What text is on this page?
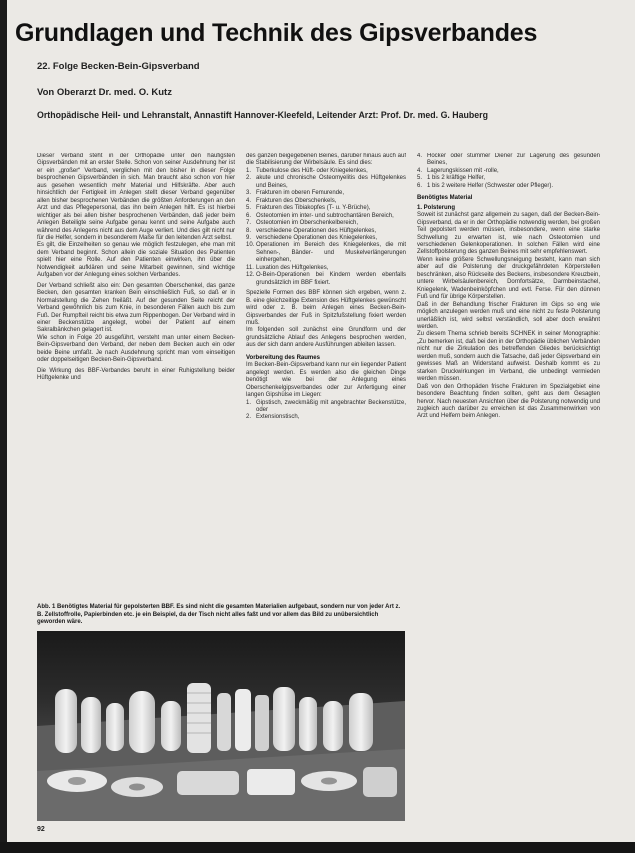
Grundlagen und Technik des Gipsverbandes
22. Folge Becken-Bein-Gipsverband
Von Oberarzt Dr. med. O. Kutz
Orthopädische Heil- und Lehranstalt, Annastift Hannover-Kleefeld, Leitender Arzt: Prof. Dr. med. G. Hauberg

Dieser Verband steht in der Orthopädie unter den häufigsten Gipsverbänden mit an erster Stelle. Schon von seiner Ausdehnung her ist er ein „großer“ Verband, verglichen mit den bisher in dieser Folge besprochenen Gipsverbänden in sich. Man braucht also schon von hier aus gesehen wesentlich mehr Material und Hilfskräfte. Aber auch hinsichtlich der Fertigkeit im Anlegen stellt dieser Verband gegenüber allen bisher besprochenen Verbänden die größten Anforderungen an den Arzt und das Pflegepersonal, das ihn beim Anlegen hilft. Es ist hierbei wichtiger als bei allen bisher besprochenen Verbänden, daß jeder beim Anlegen Beteiligte seine Aufgabe genau kennt und seine Aufgabe auch während des Anlegens nicht aus dem Auge verliert. Und dies gilt nicht nur für die Helfer, sondern in besonderem Maße für den leitenden Arzt selbst.

Es gilt, die Einzelheiten so genau wie möglich festzulegen, ehe man mit dem Verband beginnt. Schon allein die soziale Situation des Patienten spielt hier eine Rolle. Auf den Patienten einwirken, ihn über die Notwendigkeit aufklären und seine Mitarbeit gewinnen, sind wichtige Aufgaben vor der Anlegung eines solchen Verbandes.

Der Verband schließt also ein: Den gesamten Oberschenkel, das ganze Becken, den gesamten kranken Bein einschließlich Fuß, so daß er in Normalstellung die Zehen freiläßt. Auf der gesunden Seite reicht der Verband gewöhnlich bis zum Knie, in besonderen Fällen auch bis zum Fuß. Der Rumpfteil reicht bis etwa zum Rippenbogen. Der Verband wird in einer Beckenstütze angelegt, wobei der Patient auf einem Sakralbänkchen gelagert ist.

Wie schon in Folge 20 ausgeführt, versteht man unter einem Becken-Bein-Gipsverband den Verband, der neben dem Becken auch ein oder beide Beine umfaßt. Je nach Ausdehnung spricht man vom einseitigen oder doppelseitigen Becken-Bein-Gipsverband.

Die Wirkung des BBF-Verbandes beruht in einer Ruhigstellung beider Hüftgelenke und

des ganzen beigegebenen Beines, darüber hinaus auch auf die Stabilisierung der Wirbelsäule. Es sind dies:

1. Tuberkulose des Hüft- oder Kniegelenkes,
2. akute und chronische Osteomyelitis des Hüftgelenkes und Beines,
3. Frakturen im oberen Femurende,
4. Frakturen des Oberschenkels,
5. Frakturen des Tibiakopfes (T- u. Y-Brüche),
6. Osteotomien im inter- und subtrochantären Bereich,
7. Osteotomien im Oberschenkelbereich,
8. verschiedene Operationen des Hüftgelenkes,
9. verschiedene Operationen des Kniegelenkes,
10. Operationen im Bereich des Kniegelenkes, die mit Sehnen-, Bänder- und Muskelverlängerungen einhergehen,
11. Luxation des Hüftgelenkes,
12. O-Bein-Operationen bei Kindern werden ebenfalls grundsätzlich im BBF fixiert.

Spezielle Formen des BBF können sich ergeben, wenn z. B. eine gleichzeitige Extension des Hüftgelenkes gewünscht wird oder z. B. beim Anlegen eines Becken-Bein-Gipsverbandes der Fuß in Spitzfußstellung fixiert werden muß.

Im folgenden soll zunächst eine Grundform und der grundsätzliche Ablauf des Anlegens besprochen werden, aus der sich dann andere Ausführungen ableiten lassen.

Vorbereitung des Raumes

Im Becken-Bein-Gipsverband kann nur ein liegender Patient angelegt werden. Es werden also die gleichen Dinge benötigt wie bei der Anlegung eines Oberschenkelgipsverbandes oder zur Anfertigung einer langen Gipshülse im Liegen:

1. Gipstisch, zweckmäßig mit angebrachter Beckenstütze, oder
2. Extensionstisch,
4. Hocker oder stummer Diener zur Lagerung des gesunden Beines,
4. Lagerungskissen mit -rolle,
5. 1 bis 2 kräftige Helfer,
6. 1 bis 2 weitere Helfer (Schwester oder Pfleger).

Benötigtes Material

1. Polsterung

Soweit ist zunächst ganz allgemein zu sagen, daß der Becken-Bein-Gipsverband, da er in der Orthopädie notwendig werden, bei großen Teil gepolstert werden müssen, insbesondere, wenn eine starke Schwellung zu erwarten ist, wie nach Osteotomien und verschiedenen Gelenkoperationen. In solchen Fällen wird eine Zellstoffpolsterung des ganzen Beines mit sehr empfehlenswert.

Wenn keine größere Schwellungsneigung besteht, kann man sich aber auf die Polsterung der druckgefährdeten Körperstellen beschränken, also Rückseite des Beckens, insbesondere Kreuzbein, untere Wirbelsäulenbereich, Dornfortsätze, Darmbeinstachel, Kniegelenk, Wadenbeinköpfchen und evtl. Ferse. Für den dünnen Fuß und für übrige Körperstellen.

Daß in der Behandlung frischer Frakturen im Gips so eng wie möglich anzulegen werden muß und eine nicht zu feste Polsterung unerläßlich ist, wird selbst verständlich, soll aber doch erwähnt werden.

Zu diesem Thema schrieb bereits SCHNEK in seiner Monographie: „Zu bemerken ist, daß bei den in der Orthopädie üblichen Verbänden nicht nur die Zirkulation des betreffenden Gliedes berücksichtigt werden muß, sondern auch die Tatsache, daß jeder Gipsverband ein gewisses Maß an Widerstand aufweist. Deshalb kommt es zu starken Druckwirkungen im Verband, die unbedingt vermieden werden müssen.

Daß von den Orthopäden frische Frakturen im Spezialgebiet eine besondere Beachtung finden sollten, geht aus dem Gesagten hervor. Nach neuesten Ansichten über die Polsterung notwendig und zugleich auch darüber zu erreichen ist das Zusammenwirken von Arzt und Helfern beim Anlegen.

Abb. 1 Benötigtes Material für gepolsterten BBF. Es sind nicht die gesamten Materialien aufgebaut, sondern nur von jeder Art z. B. Zellstoffrolle, Papierbinden etc. je ein Beispiel, da der Tisch nicht alles faßt und vor allem das Bild zu unübersichtlich geworden wäre.
92
